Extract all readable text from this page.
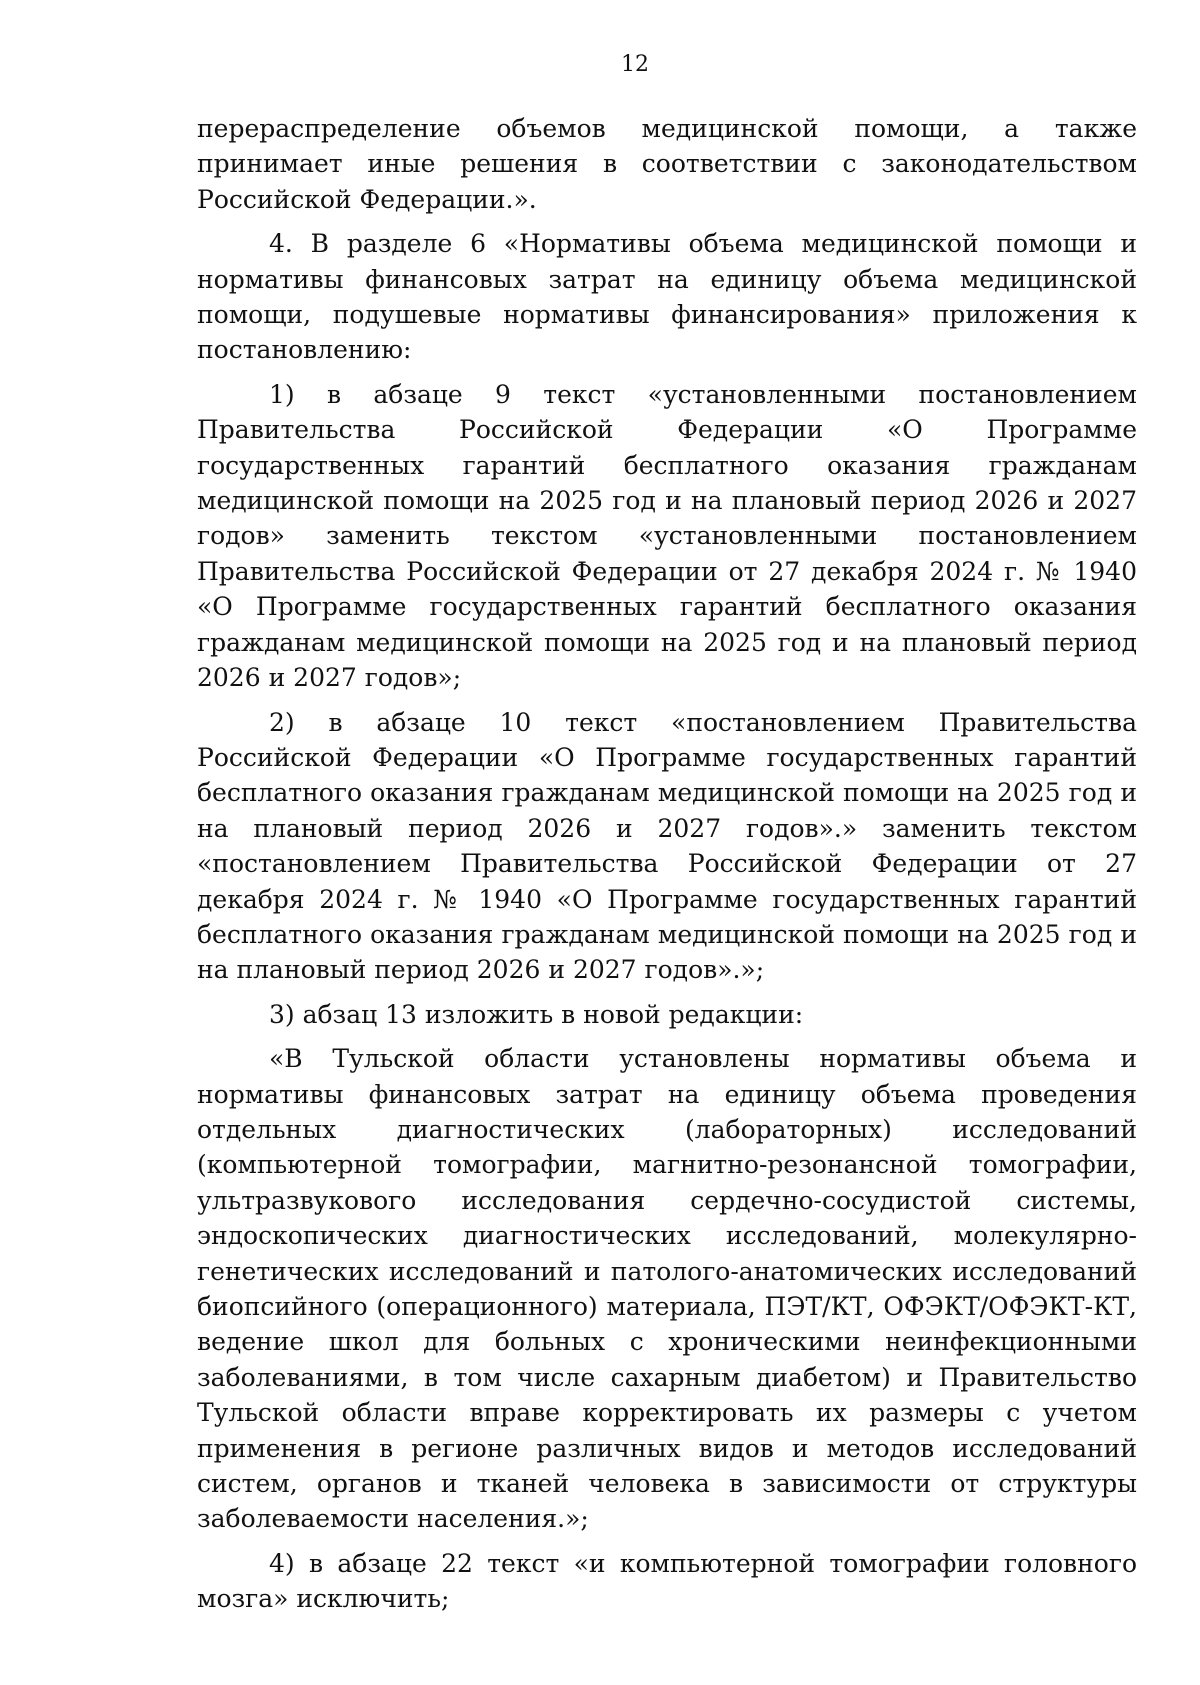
12

перераспределение объемов медицинской помощи, а также принимает иные решения в соответствии с законодательством Российской Федерации.».

4. В разделе 6 «Нормативы объема медицинской помощи и нормативы финансовых затрат на единицу объема медицинской помощи, подушевые нормативы финансирования» приложения к постановлению:

1) в абзаце 9 текст «установленными постановлением Правительства Российской Федерации «О Программе государственных гарантий бесплатного оказания гражданам медицинской помощи на 2025 год и на плановый период 2026 и 2027 годов» заменить текстом «установленными постановлением Правительства Российской Федерации от 27 декабря 2024 г. № 1940 «О Программе государственных гарантий бесплатного оказания гражданам медицинской помощи на 2025 год и на плановый период 2026 и 2027 годов»;

2) в абзаце 10 текст «постановлением Правительства Российской Федерации «О Программе государственных гарантий бесплатного оказания гражданам медицинской помощи на 2025 год и на плановый период 2026 и 2027 годов».» заменить текстом «постановлением Правительства Российской Федерации от 27 декабря 2024 г. № 1940 «О Программе государственных гарантий бесплатного оказания гражданам медицинской помощи на 2025 год и на плановый период 2026 и 2027 годов».»;

3) абзац 13 изложить в новой редакции:

«В Тульской области установлены нормативы объема и нормативы финансовых затрат на единицу объема проведения отдельных диагностических (лабораторных) исследований (компьютерной томографии, магнитно-резонансной томографии, ультразвукового исследования сердечно-сосудистой системы, эндоскопических диагностических исследований, молекулярно-генетических исследований и патолого-анатомических исследований биопсийного (операционного) материала, ПЭТ/КТ, ОФЭКТ/ОФЭКТ-КТ, ведение школ для больных с хроническими неинфекционными заболеваниями, в том числе сахарным диабетом) и Правительство Тульской области вправе корректировать их размеры с учетом применения в регионе различных видов и методов исследований систем, органов и тканей человека в зависимости от структуры заболеваемости населения.»;

4) в абзаце 22 текст «и компьютерной томографии головного мозга» исключить;
